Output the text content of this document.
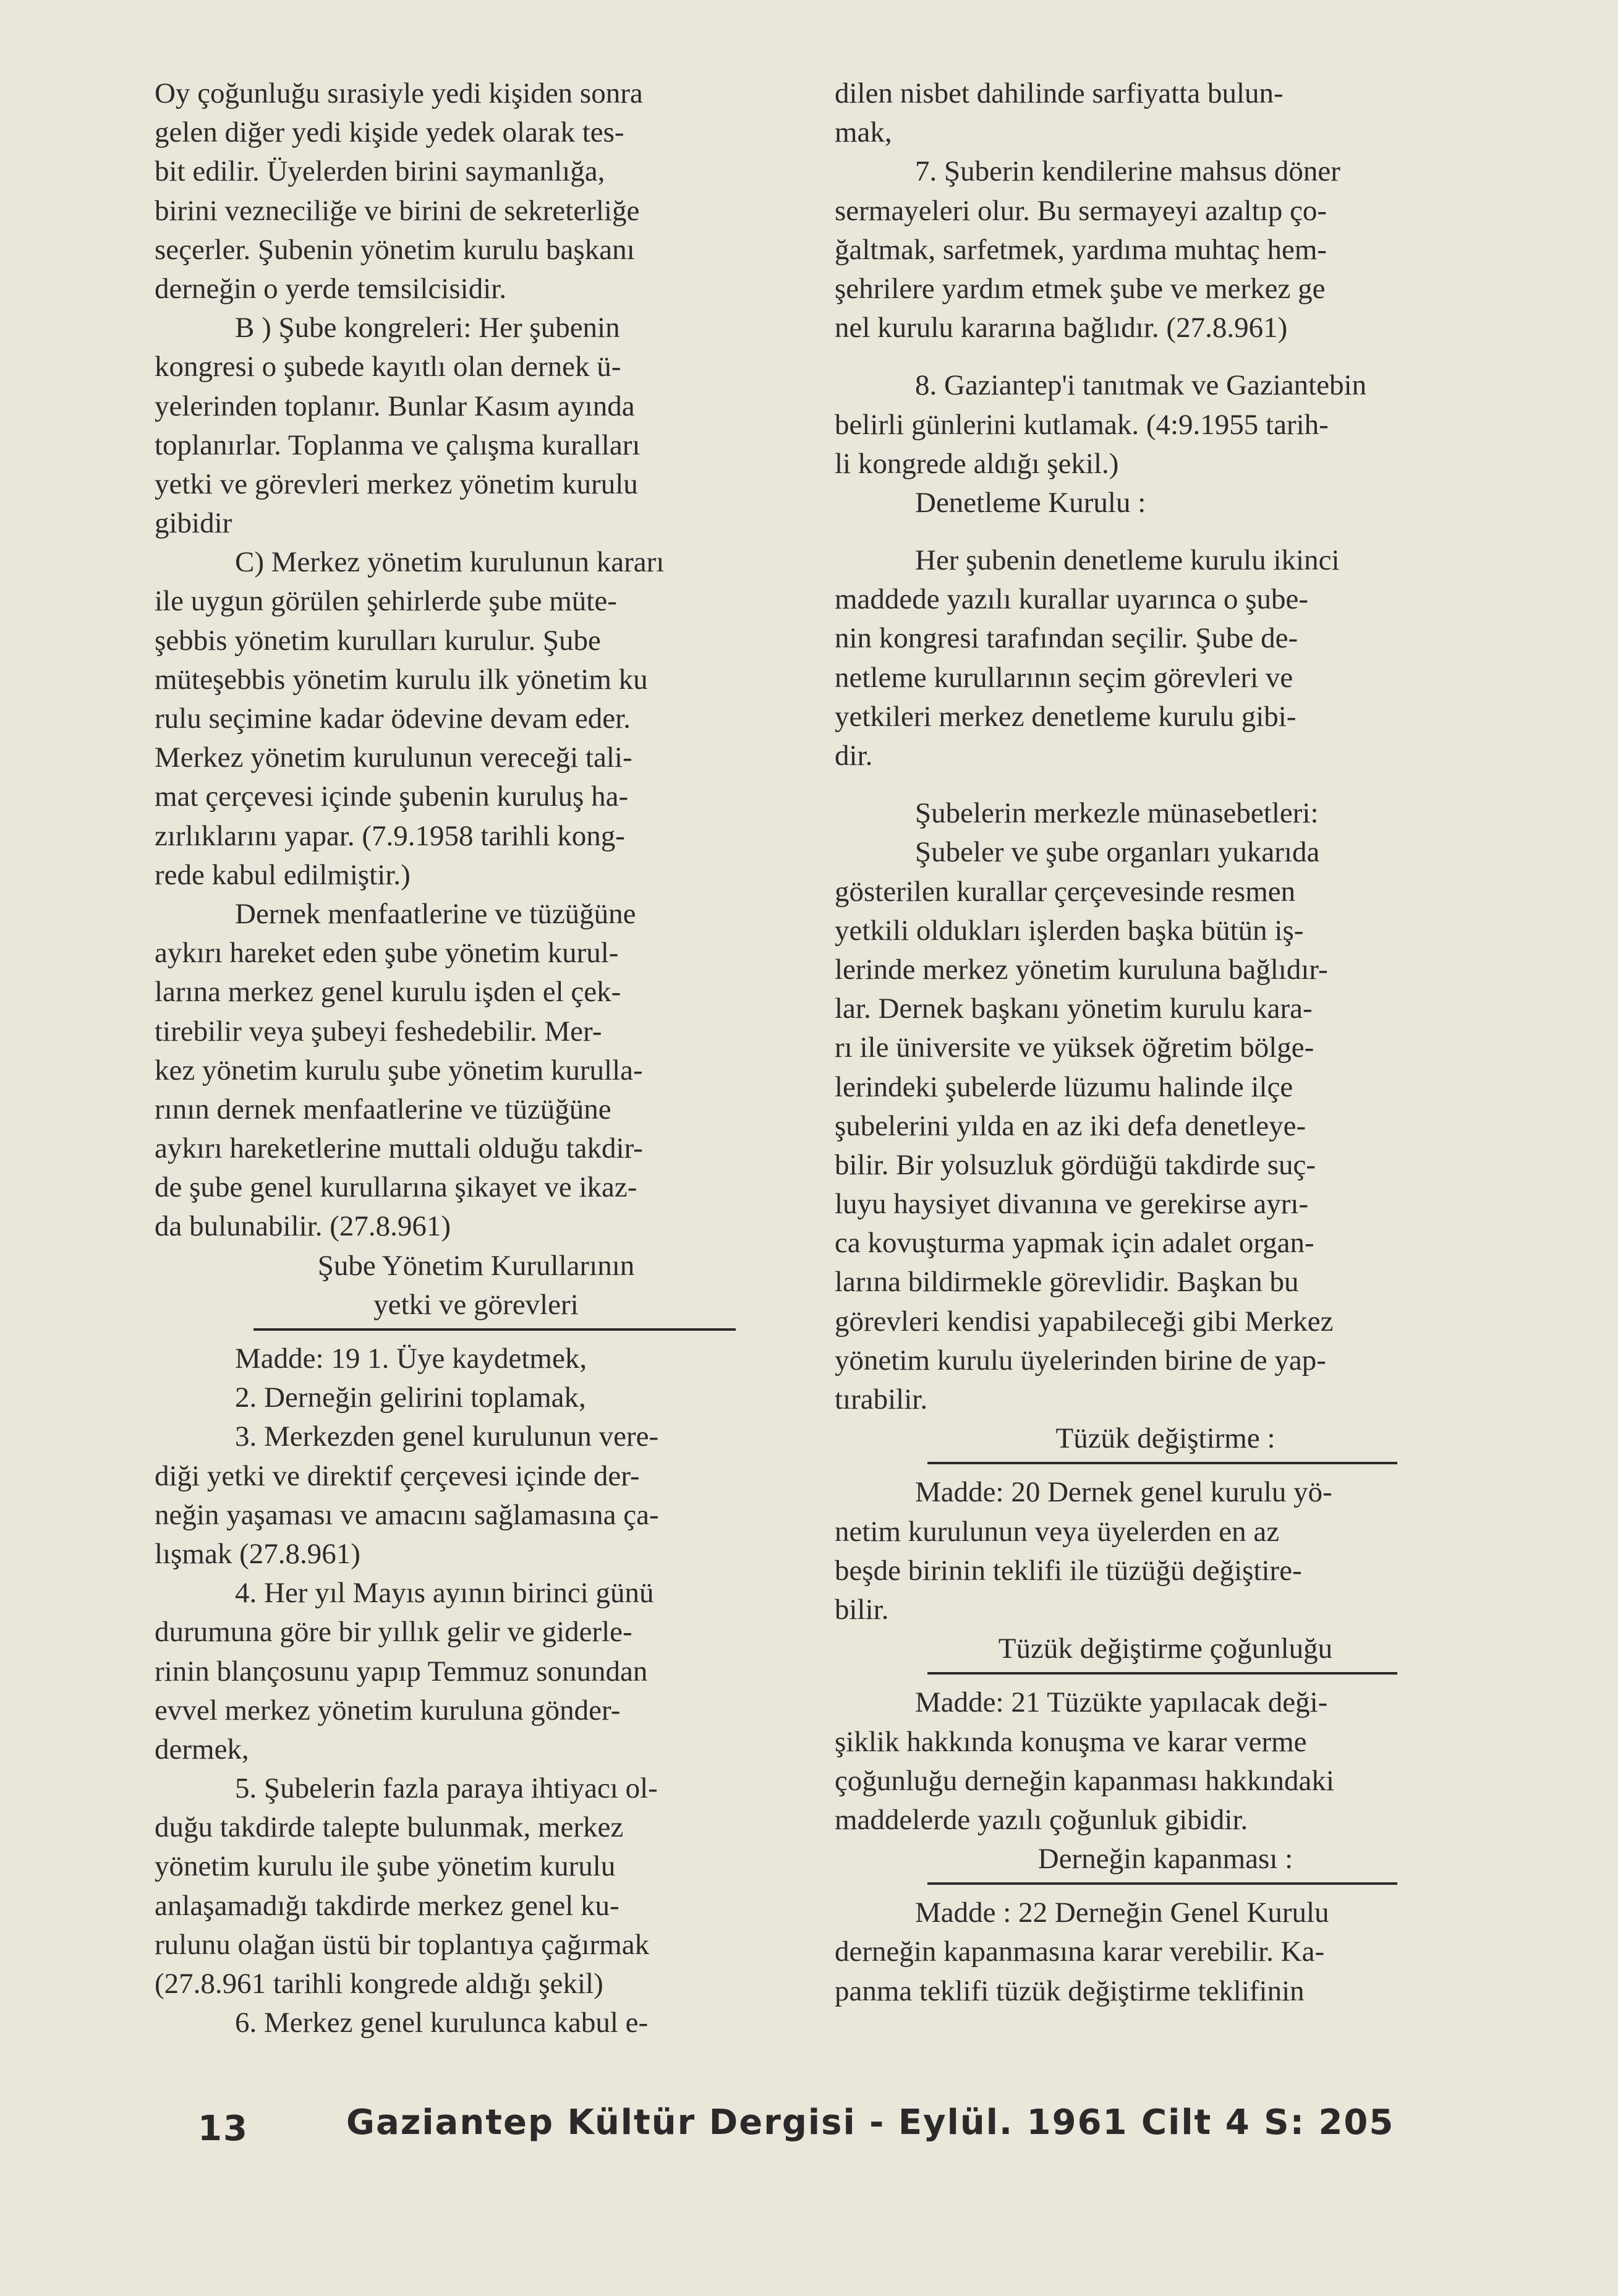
Oy çoğunluğu sırasiyle yedi kişiden sonra
gelen diğer yedi kişide yedek olarak tes-
bit edilir. Üyelerden birini saymanlığa,
birini vezneciliğe ve birini de sekreterliğe
seçerler. Şubenin yönetim kurulu başkanı
derneğin o yerde temsilcisidir.
B ) Şube kongreleri: Her şubenin
kongresi o şubede kayıtlı olan dernek ü-
yelerinden toplanır. Bunlar Kasım ayında
toplanırlar. Toplanma ve çalışma kuralları
yetki ve görevleri merkez yönetim kurulu
gibidir
C) Merkez yönetim kurulunun kararı
ile uygun görülen şehirlerde şube müte-
şebbis yönetim kurulları kurulur. Şube
müteşebbis yönetim kurulu ilk yönetim ku
rulu seçimine kadar ödevine devam eder.
Merkez yönetim kurulunun vereceği tali-
mat çerçevesi içinde şubenin kuruluş ha-
zırlıklarını yapar. (7.9.1958 tarihli kong-
rede kabul edilmiştir.)
Dernek menfaatlerine ve tüzüğüne
aykırı hareket eden şube yönetim kurul-
larına merkez genel kurulu işden el çek-
tirebilir veya şubeyi feshedebilir. Mer-
kez yönetim kurulu şube yönetim kurulla-
rının dernek menfaatlerine ve tüzüğüne
aykırı hareketlerine muttali olduğu takdir-
de şube genel kurullarına şikayet ve ikaz-
da bulunabilir. (27.8.961)
Şube Yönetim Kurullarının
yetki ve görevleri
Madde: 19 1. Üye kaydetmek,
2. Derneğin gelirini toplamak,
3. Merkezden genel kurulunun vere-
diği yetki ve direktif çerçevesi içinde der-
neğin yaşaması ve amacını sağlamasına ça-
lışmak (27.8.961)
4. Her yıl Mayıs ayının birinci günü
durumuna göre bir yıllık gelir ve giderle-
rinin blançosunu yapıp Temmuz sonundan
evvel merkez yönetim kuruluna gönder-
dermek,
5. Şubelerin fazla paraya ihtiyacı ol-
duğu takdirde talepte bulunmak, merkez
yönetim kurulu ile şube yönetim kurulu
anlaşamadığı takdirde merkez genel ku-
rulunu olağan üstü bir toplantıya çağırmak
(27.8.961 tarihli kongrede aldığı şekil)
6. Merkez genel kurulunca kabul e-
dilen nisbet dahilinde sarfiyatta bulun-
mak,
7. Şuberin kendilerine mahsus döner
sermayeleri olur. Bu sermayeyi azaltıp ço-
ğaltmak, sarfetmek, yardıma muhtaç hem-
şehrilere yardım etmek şube ve merkez ge
nel kurulu kararına bağlıdır. (27.8.961)
8. Gaziantep'i tanıtmak ve Gaziantebin
belirli günlerini kutlamak. (4:9.1955 tarih-
li kongrede aldığı şekil.)
Denetleme Kurulu :
Her şubenin denetleme kurulu ikinci
maddede yazılı kurallar uyarınca o şube-
nin kongresi tarafından seçilir. Şube de-
netleme kurullarının seçim görevleri ve
yetkileri merkez denetleme kurulu gibi-
dir.
Şubelerin merkezle münasebetleri:
Şubeler ve şube organları yukarıda
gösterilen kurallar çerçevesinde resmen
yetkili oldukları işlerden başka bütün iş-
lerinde merkez yönetim kuruluna bağlıdır-
lar. Dernek başkanı yönetim kurulu kara-
rı ile üniversite ve yüksek öğretim bölge-
lerindeki şubelerde lüzumu halinde ilçe
şubelerini yılda en az iki defa denetleye-
bilir. Bir yolsuzluk gördüğü takdirde suç-
luyu haysiyet divanına ve gerekirse ayrı-
ca kovuşturma yapmak için adalet organ-
larına bildirmekle görevlidir. Başkan bu
görevleri kendisi yapabileceği gibi Merkez
yönetim kurulu üyelerinden birine de yap-
tırabilir.
Tüzük değiştirme :
Madde: 20 Dernek genel kurulu yö-
netim kurulunun veya üyelerden en az
beşde birinin teklifi ile tüzüğü değiştire-
bilir.
Tüzük değiştirme çoğunluğu
Madde: 21 Tüzükte yapılacak deği-
şiklik hakkında konuşma ve karar verme
çoğunluğu derneğin kapanması hakkındaki
maddelerde yazılı çoğunluk gibidir.
Derneğin kapanması :
Madde : 22 Derneğin Genel Kurulu
derneğin kapanmasına karar verebilir. Ka-
panma teklifi tüzük değiştirme teklifinin

13

	Gaziantep Kültür Dergisi - Eylül. 1961 Cilt 4 S: 205
